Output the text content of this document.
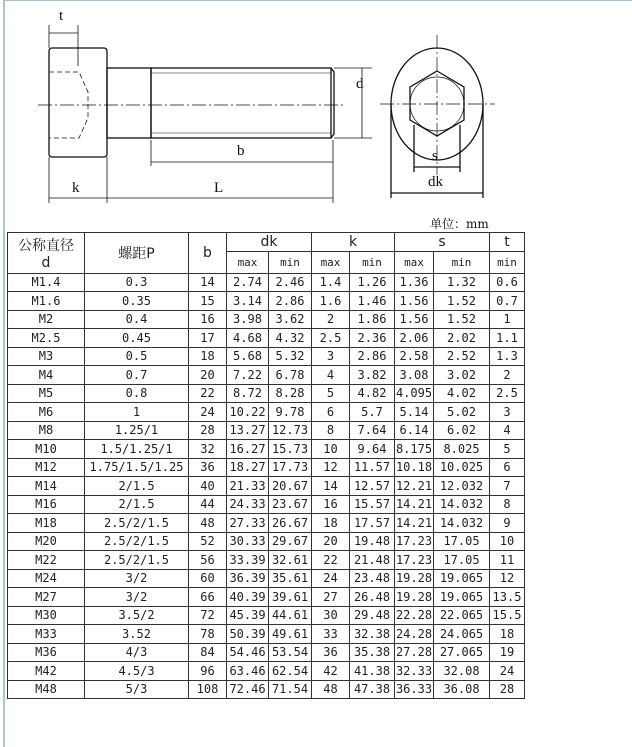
t
d
b	s
k	L	dk
单位：mm
公称直径
d	螺距P	b	dk		k		s		t
			max	min	max	min	max	min	min
M1.4	0.3	14	2.74	2.46	1.4	1.26	1.36	1.32	0.6
M1.6	0.35	15	3.14	2.86	1.6	1.46	1.56	1.52	0.7
M2	0.4	16	3.98	3.62	2	1.86	1.56	1.52	1
M2.5	0.45	17	4.68	4.32	2.5	2.36	2.06	2.02	1.1
M3	0.5	18	5.68	5.32	3	2.86	2.58	2.52	1.3
M4	0.7	20	7.22	6.78	4	3.82	3.08	3.02	2
M5	0.8	22	8.72	8.28	5	4.82	4.095	4.02	2.5
M6	1	24	10.22	9.78	6	5.7	5.14	5.02	3
M8	1.25/1	28	13.27	12.73	8	7.64	6.14	6.02	4
M10	1.5/1.25/1	32	16.27	15.73	10	9.64	8.175	8.025	5
M12	1.75/1.5/1.25	36	18.27	17.73	12	11.57	10.18	10.025	6
M14	2/1.5	40	21.33	20.67	14	12.57	12.21	12.032	7
M16	2/1.5	44	24.33	23.67	16	15.57	14.21	14.032	8
M18	2.5/2/1.5	48	27.33	26.67	18	17.57	14.21	14.032	9
M20	2.5/2/1.5	52	30.33	29.67	20	19.48	17.23	17.05	10
M22	2.5/2/1.5	56	33.39	32.61	22	21.48	17.23	17.05	11
M24	3/2	60	36.39	35.61	24	23.48	19.28	19.065	12
M27	3/2	66	40.39	39.61	27	26.48	19.28	19.065	13.5
M30	3.5/2	72	45.39	44.61	30	29.48	22.28	22.065	15.5
M33	3.52	78	50.39	49.61	33	32.38	24.28	24.065	18
M36	4/3	84	54.46	53.54	36	35.38	27.28	27.065	19
M42	4.5/3	96	63.46	62.54	42	41.38	32.33	32.08	24
M48	5/3	108	72.46	71.54	48	47.38	36.33	36.08	28
